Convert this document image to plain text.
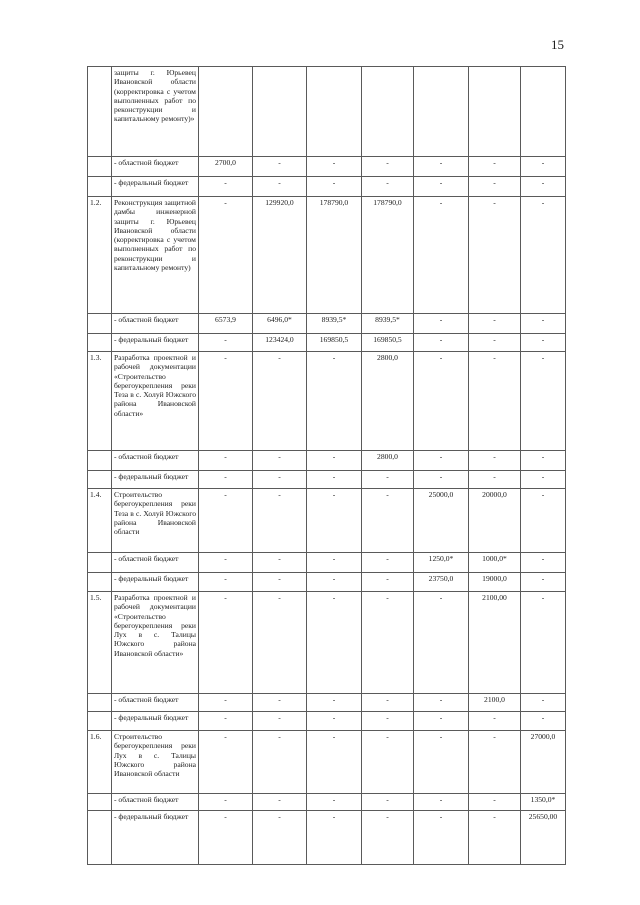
15
	защиты г. Юрьевец Ивановской области (корректировка с учетом выполненных работ по реконструкции и капитальному ремонту)»							
	- областной бюджет	2700,0	-	-	-	-	-	-
	- федеральный бюджет	-	-	-	-	-	-	-
1.2.	Реконструкция защитной дамбы инженерной защиты г. Юрьевец Ивановской области (корректировка с учетом выполненных работ по реконструкции и капитальному ремонту)	-	129920,0	178790,0	178790,0	-	-	-
	- областной бюджет	6573,9	6496,0*	8939,5*	8939,5*	-	-	-
	- федеральный бюджет	-	123424,0	169850,5	169850,5	-	-	-
1.3.	Разработка проектной и рабочей документации «Строительство берегоукрепления реки Теза в с. Холуй Южского района Ивановской области»	-	-	-	2800,0	-	-	-
	- областной бюджет	-	-	-	2800,0	-	-	-
	- федеральный бюджет	-	-	-	-	-	-	-
1.4.	Строительство берегоукрепления реки Теза в с. Холуй Южского района Ивановской области	-	-	-	-	25000,0	20000,0	-
	- областной бюджет	-	-	-	-	1250,0*	1000,0*	-
	- федеральный бюджет	-	-	-	-	23750,0	19000,0	-
1.5.	Разработка проектной и рабочей документации «Строительство берегоукрепления реки Лух в с. Талицы Южского района Ивановской области»	-	-	-	-	-	2100,00	-
	- областной бюджет	-	-	-	-	-	2100,0	-
	- федеральный бюджет	-	-	-	-	-	-	-
1.6.	Строительство берегоукрепления реки Лух в с. Талицы Южского района Ивановской области	-	-	-	-	-	-	27000,0
	- областной бюджет	-	-	-	-	-	-	1350,0*
	- федеральный бюджет	-	-	-	-	-	-	25650,00
